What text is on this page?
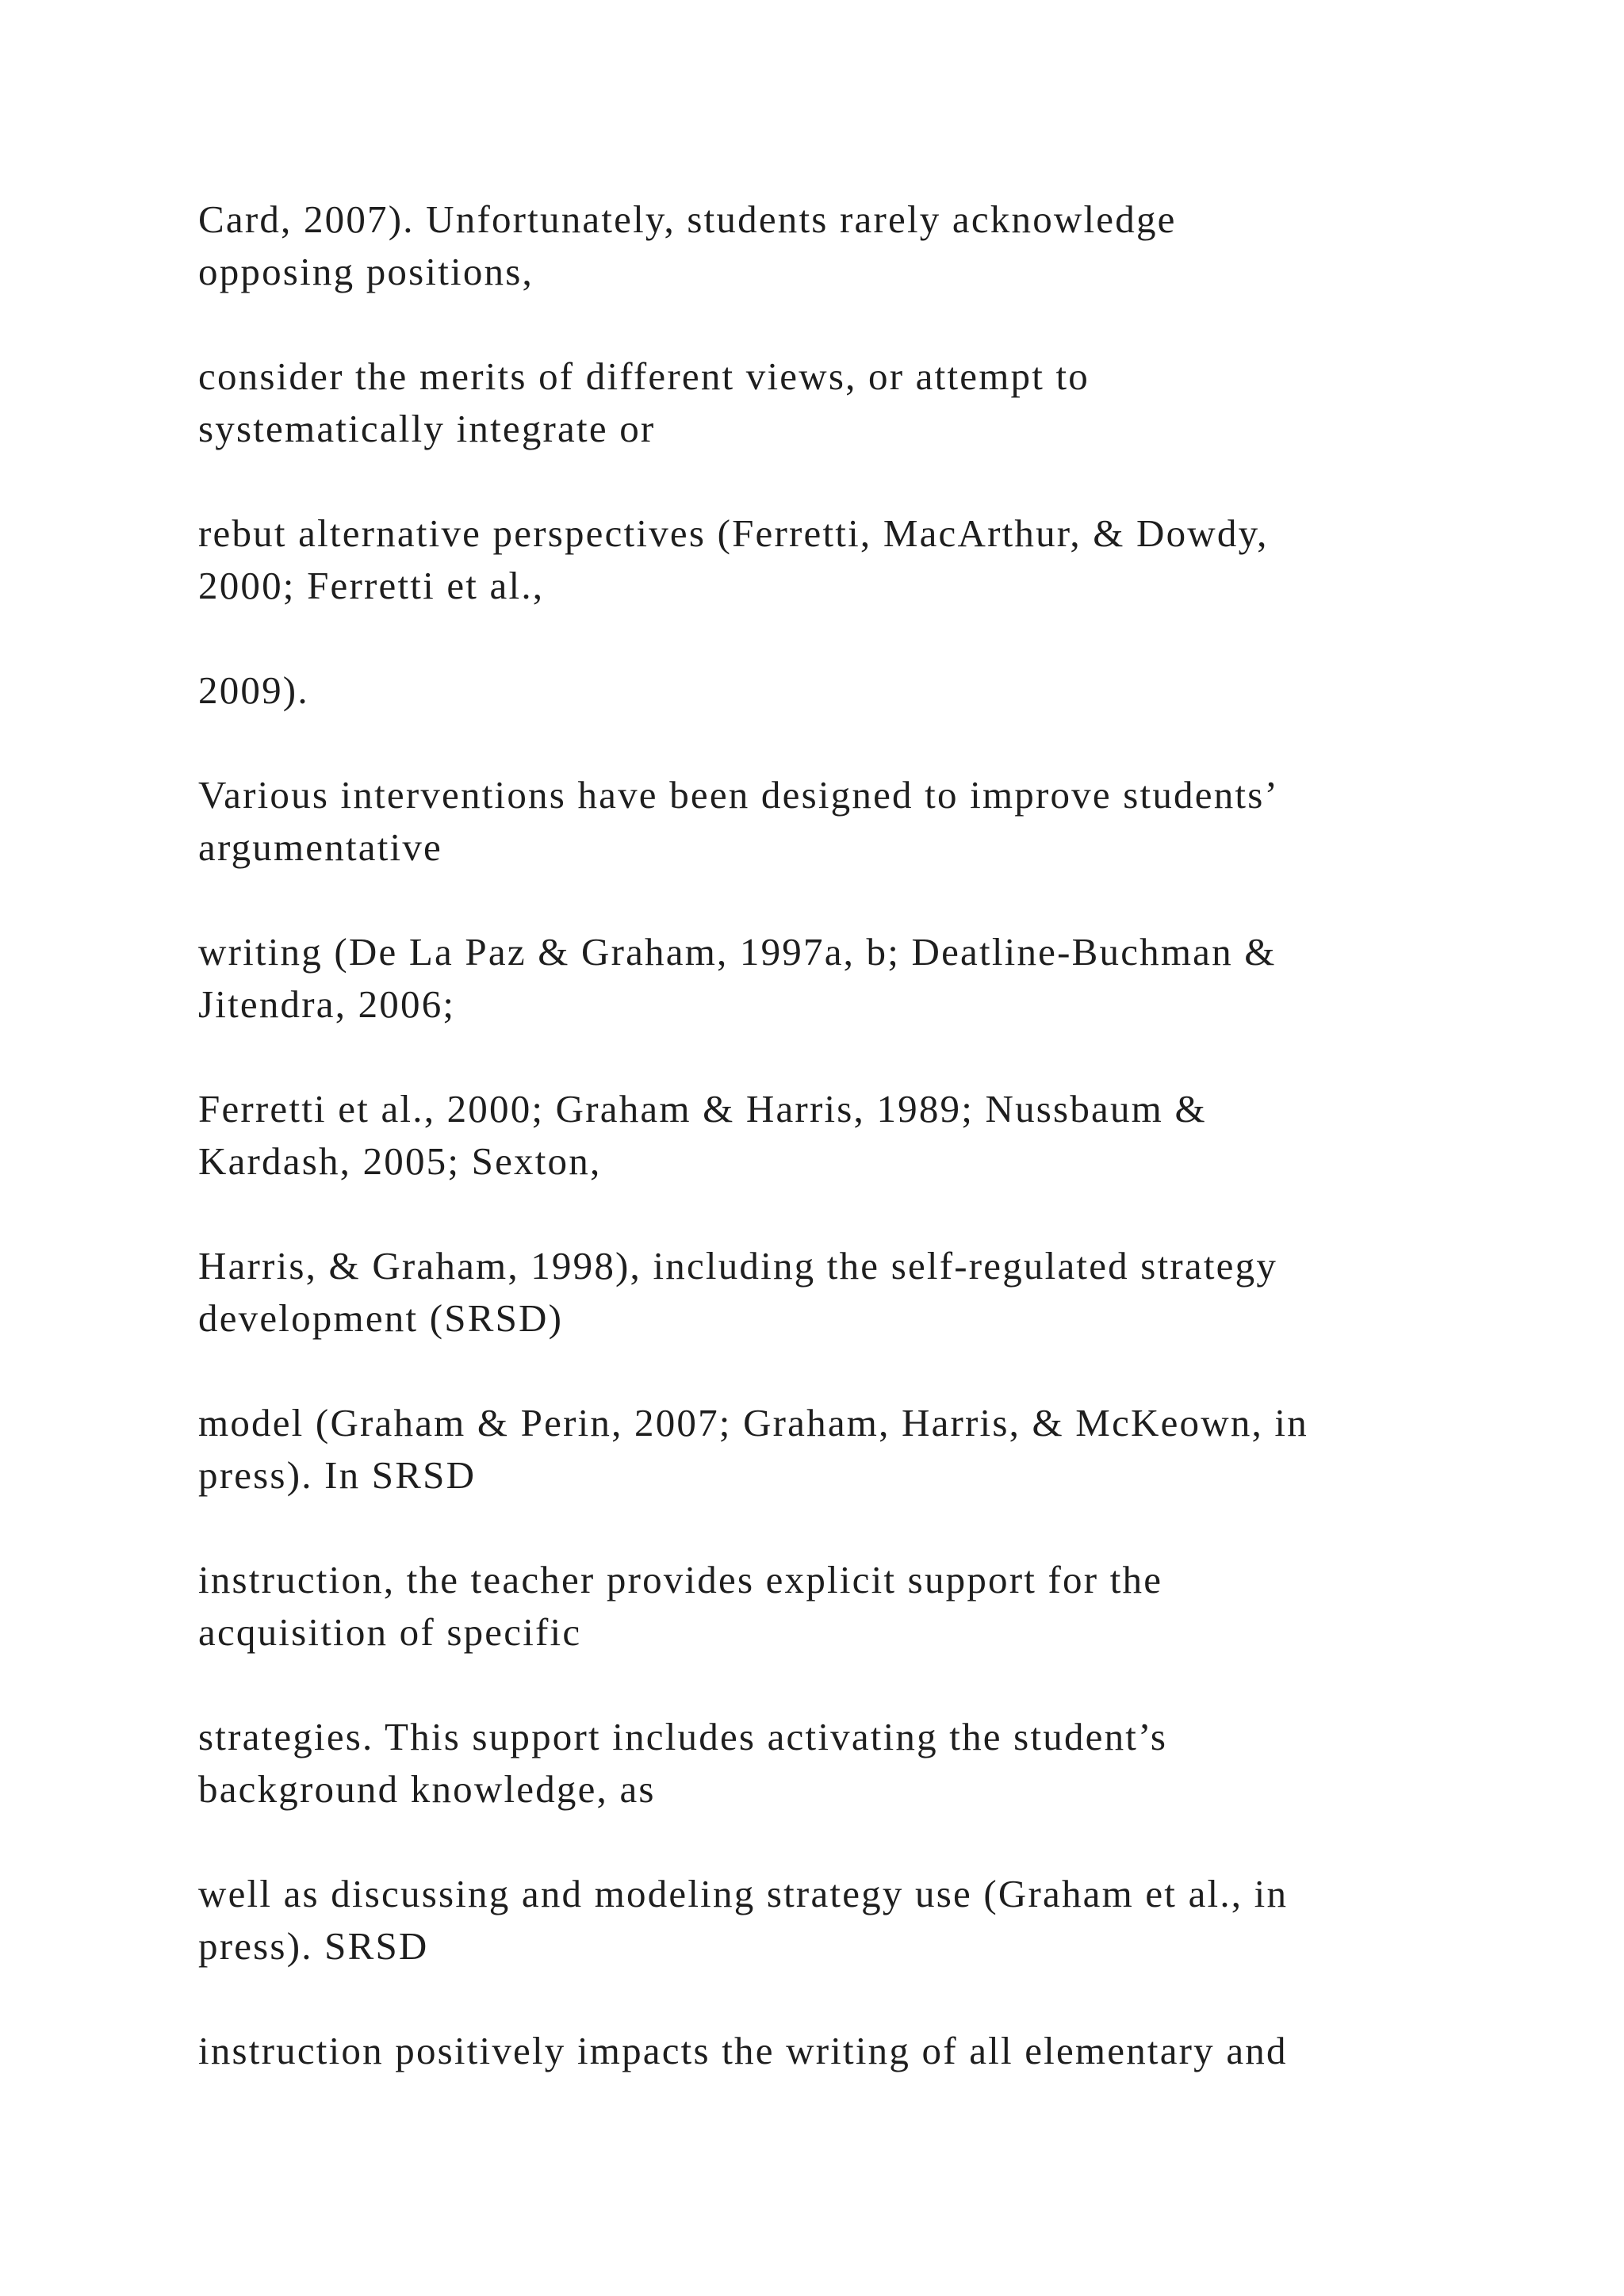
Card, 2007). Unfortunately, students rarely acknowledge
opposing positions,

consider the merits of different views, or attempt to
systematically integrate or

rebut alternative perspectives (Ferretti, MacArthur, & Dowdy,
2000; Ferretti et al.,

2009).

Various interventions have been designed to improve students’
argumentative

writing (De La Paz & Graham, 1997a, b; Deatline-Buchman &
Jitendra, 2006;

Ferretti et al., 2000; Graham & Harris, 1989; Nussbaum &
Kardash, 2005; Sexton,

Harris, & Graham, 1998), including the self-regulated strategy
development (SRSD)

model (Graham & Perin, 2007; Graham, Harris, & McKeown, in
press). In SRSD

instruction, the teacher provides explicit support for the
acquisition of specific

strategies. This support includes activating the student’s
background knowledge, as

well as discussing and modeling strategy use (Graham et al., in
press). SRSD

instruction positively impacts the writing of all elementary and
